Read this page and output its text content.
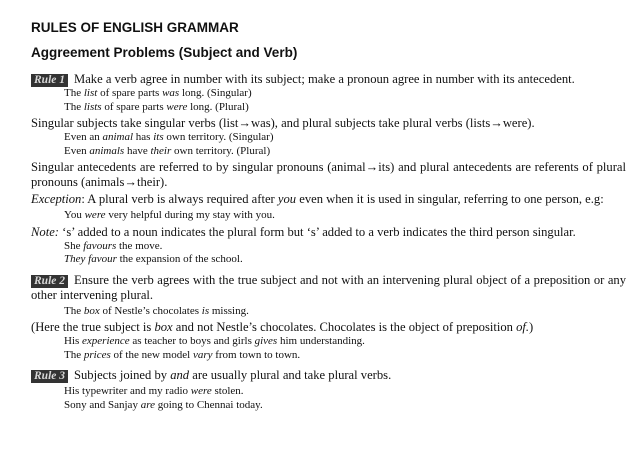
RULES OF ENGLISH GRAMMAR
Aggreement Problems (Subject and Verb)
Rule 1 Make a verb agree in number with its subject; make a pronoun agree in number with its antecedent.
The list of spare parts was long. (Singular)
The lists of spare parts were long. (Plural)
Singular subjects take singular verbs (list→was), and plural subjects take plural verbs (lists→were).
Even an animal has its own territory. (Singular)
Even animals have their own territory. (Plural)
Singular antecedents are referred to by singular pronouns (animal→its) and plural antecedents are referents of plural pronouns (animals→their).
Exception: A plural verb is always required after you even when it is used in singular, referring to one person, e.g:
You were very helpful during my stay with you.
Note: ‘s’ added to a noun indicates the plural form but ‘s’ added to a verb indicates the third person singular.
She favours the move.
They favour the expansion of the school.
Rule 2 Ensure the verb agrees with the true subject and not with an intervening plural object of a preposition or any other intervening plural.
The box of Nestle’s chocolates is missing.
(Here the true subject is box and not Nestle’s chocolates. Chocolates is the object of preposition of.)
His experience as teacher to boys and girls gives him understanding.
The prices of the new model vary from town to town.
Rule 3 Subjects joined by and are usually plural and take plural verbs.
His typewriter and my radio were stolen.
Sony and Sanjay are going to Chennai today.
